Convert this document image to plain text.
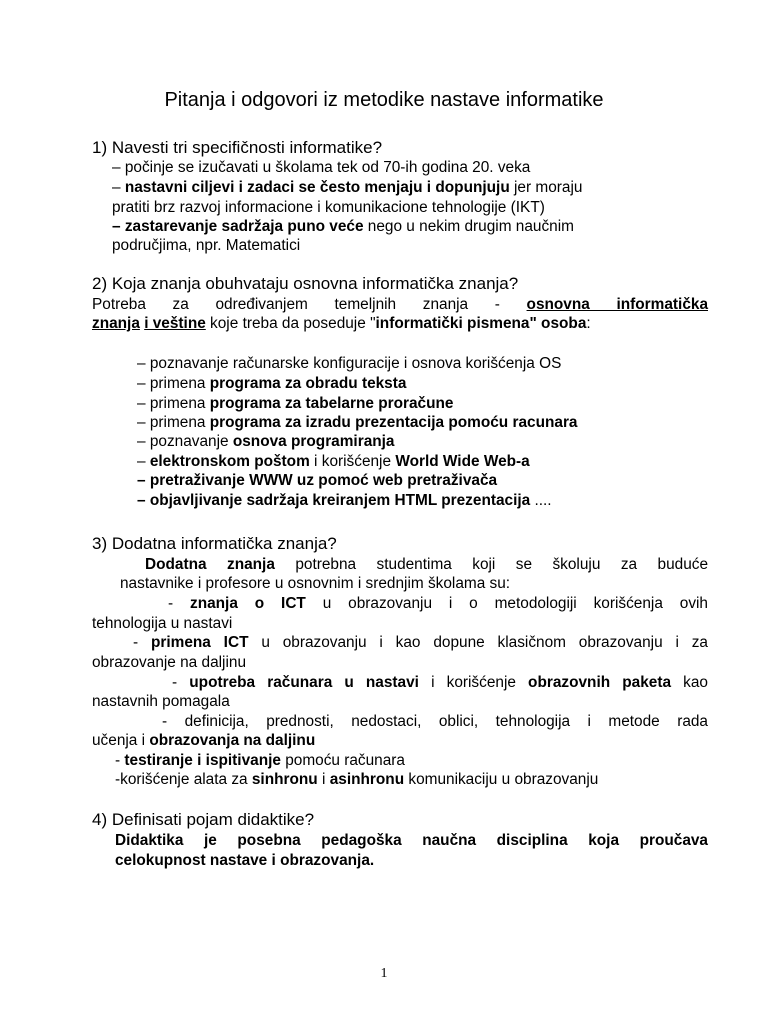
Pitanja i odgovori iz metodike nastave informatike
1) Navesti tri specifičnosti informatike?
– počinje se izučavati u školama tek od 70-ih godina 20. veka
– nastavni ciljevi i zadaci se često menjaju i dopunjuju jer moraju
pratiti brz razvoj informacione i komunikacione tehnologije (IKT)
– zastarevanje sadržaja puno veće nego u nekim drugim naučnim
područjima, npr. Matematici
2) Koja znanja obuhvataju osnovna informatička znanja?
Potreba za određivanjem temeljnih znanja - osnovna informatička
znanja i veštine koje treba da poseduje "informatički pismena" osoba:
– poznavanje računarske konfiguracije i osnova korišćenja OS
– primena programa za obradu teksta
– primena programa za tabelarne proračune
– primena programa za izradu prezentacija pomoću racunara
– poznavanje osnova programiranja
– elektronskom poštom i korišćenje World Wide Web-a
– pretraživanje WWW uz pomoć web pretraživača
– objavljivanje sadržaja kreiranjem HTML prezentacija ....
3) Dodatna informatička znanja?
Dodatna znanja potrebna studentima koji se školuju za buduće
nastavnike i profesore u osnovnim i srednjim školama su:
- znanja o ICT u obrazovanju i o metodologiji korišćenja ovih
tehnologija u nastavi
- primena ICT u obrazovanju i kao dopune klasičnom obrazovanju i za
obrazovanje na daljinu
- upotreba računara u nastavi i korišćenje obrazovnih paketa kao
nastavnih pomagala
- definicija, prednosti, nedostaci, oblici, tehnologija i metode rada
učenja i obrazovanja na daljinu
- testiranje i ispitivanje pomoću računara
-korišćenje alata za sinhronu i asinhronu komunikaciju u obrazovanju
4) Definisati pojam didaktike?
Didaktika je posebna pedagoška naučna disciplina koja proučava
celokupnost nastave i obrazovanja.
1
